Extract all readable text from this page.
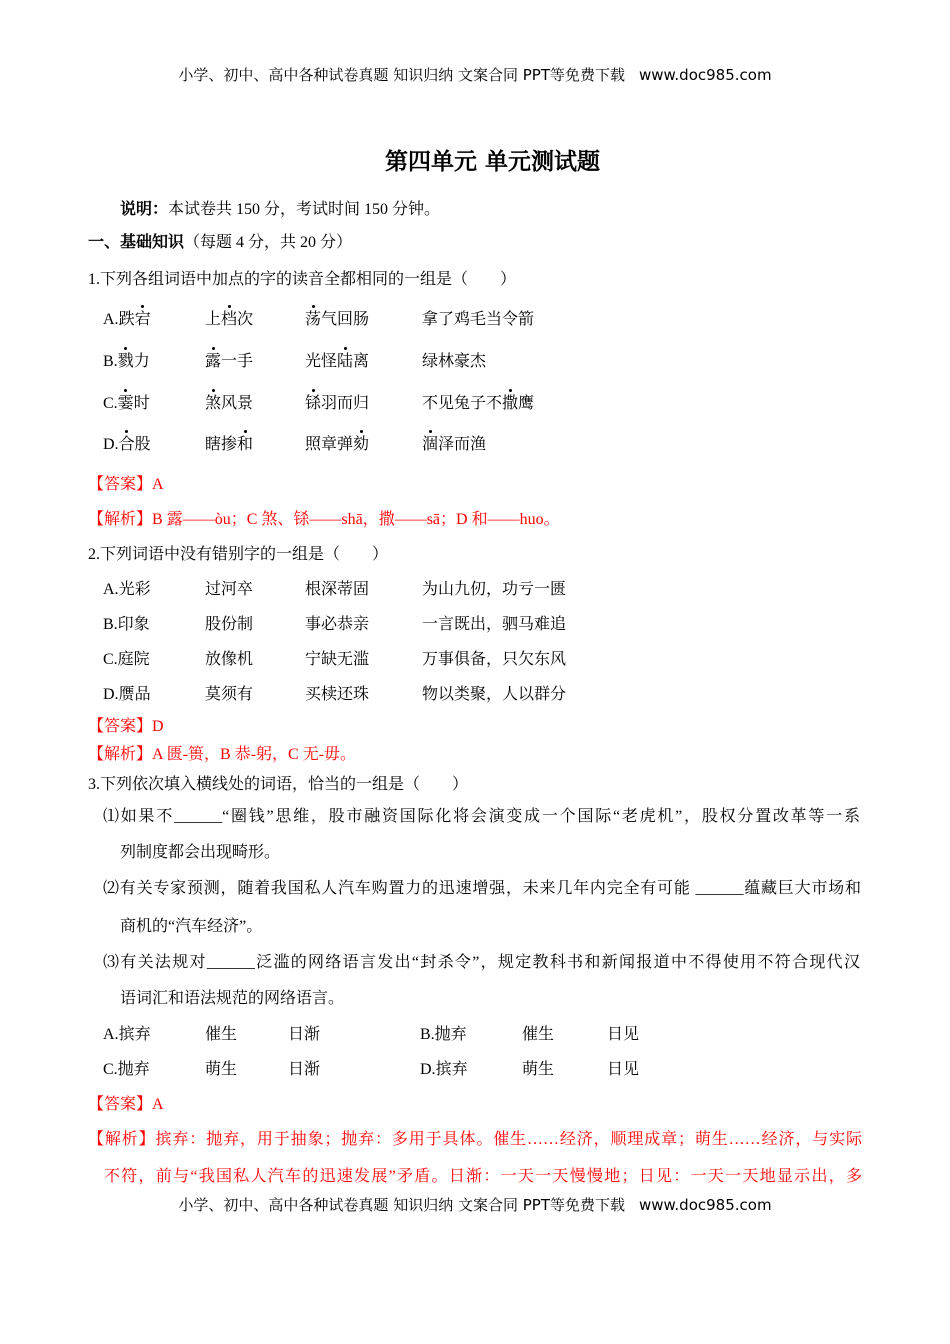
小学、初中、高中各种试卷真题 知识归纳 文案合同 PPT等免费下载 www.doc985.com
第四单元 单元测试题
说明：本试卷共 150 分，考试时间 150 分钟。
一、基础知识（每题 4 分，共 20 分）
1.下列各组词语中加点的字的读音全都相同的一组是（　　）
A.跌宕	上档次	荡气回肠	拿了鸡毛当令箭
B.戮力	露一手	光怪陆离	绿林豪杰
C.霎时	煞风景	铩羽而归	不见兔子不撒鹰
D.合股	瞎掺和	照章弹劾	涸泽而渔
【答案】A
【解析】B 露——òu；C 煞、铩——shā，撒——sā；D 和——huo。
2.下列词语中没有错别字的一组是（　　）
A.光彩	过河卒	根深蒂固	为山九仞，功亏一匮
B.印象	股份制	事必恭亲	一言既出，驷马难追
C.庭院	放像机	宁缺无滥	万事俱备，只欠东风
D.赝品	莫须有	买椟还珠	物以类聚，人以群分
【答案】D
【解析】A 匮-篑，B 恭-躬，C 无-毋。
3.下列依次填入横线处的词语，恰当的一组是（　　）
⑴如果不______“圈钱”思维，股市融资国际化将会演变成一个国际“老虎机”，股权分置改革等一系
列制度都会出现畸形。
⑵有关专家预测，随着我国私人汽车购置力的迅速增强，未来几年内完全有可能 ______蕴藏巨大市场和
商机的“汽车经济”。
⑶有关法规对______泛滥的网络语言发出“封杀令”，规定教科书和新闻报道中不得使用不符合现代汉
语词汇和语法规范的网络语言。
A.摈弃	催生	日渐	B.抛弃	催生	日见
C.抛弃	萌生	日渐	D.摈弃	萌生	日见
【答案】A
【解析】摈弃：抛弃，用于抽象；抛弃：多用于具体。催生……经济，顺理成章；萌生……经济，与实际
不符，前与“我国私人汽车的迅速发展”矛盾。日渐：一天一天慢慢地；日见：一天一天地显示出，多
小学、初中、高中各种试卷真题 知识归纳 文案合同 PPT等免费下载 www.doc985.com
